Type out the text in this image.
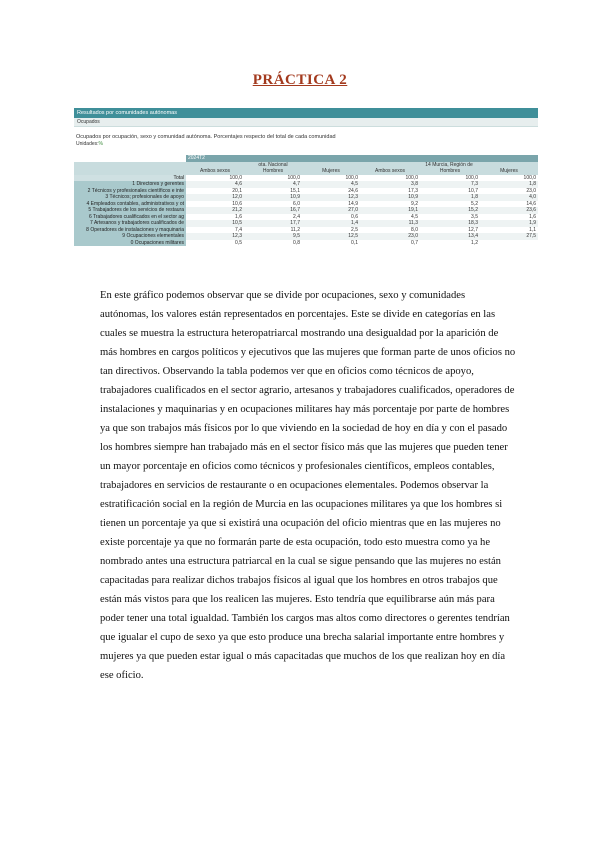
PRÁCTICA 2
Resultados por comunidades autónomas
Ocupados
Ocupados por ocupación, sexo y comunidad autónoma. Porcentajes respecto del total de cada comunidad
Unidades:%
	2024T2					
	ota. Nacional			14 Murcia, Región de		
	Ambos sexos	Hombres	Mujeres	Ambos sexos	Hombres	Mujeres
Total	100,0	100,0	100,0	100,0	100,0	100,0
1 Directores y gerentes	4,6	4,7	4,5	3,8	7,3	1,8
2 Técnicos y profesionales científicos e inte	20,1	15,1	24,6	17,3	10,7	23,0
3 Técnicos; profesionales de apoyo	12,0	10,9	12,3	10,9	1,8	4,0
4 Empleados contables, administrativos y ot	10,6	6,0	14,9	9,2	5,2	14,6
5 Trabajadores de los servicios de restaura	21,2	16,7	27,0	19,1	15,2	23,6
6 Trabajadores cualificados en el sector ag	1,6	2,4	0,6	4,5	3,5	1,6
7 Artesanos y trabajadores cualificados de	10,5	17,7	1,4	11,3	18,3	1,9
8 Operadores de instalaciones y maquinaria	7,4	11,2	2,5	8,0	12,7	1,1
9 Ocupaciones elementales	12,3	9,5	12,5	23,0	13,4	27,5
0 Ocupaciones militares	0,5	0,8	0,1	0,7	1,2	
En este gráfico podemos observar que se divide por ocupaciones, sexo y comunidades autónomas, los valores están representados en porcentajes. Este se divide en categorías en las cuales se muestra la estructura heteropatriarcal mostrando una desigualdad por la aparición de más hombres en cargos políticos y ejecutivos que las mujeres que forman parte de unos oficios no tan directivos. Observando la tabla podemos ver que en oficios como técnicos de apoyo, trabajadores cualificados en el sector agrario, artesanos y trabajadores cualificados, operadores de instalaciones y maquinarias y en ocupaciones militares hay más porcentaje por parte de hombres ya que son trabajos más físicos por lo que viviendo en la sociedad de hoy en día y con el pasado los hombres siempre han trabajado más en el sector físico más que las mujeres que pueden tener un mayor porcentaje en oficios como técnicos y profesionales científicos, empleos contables, trabajadores en servicios de restaurante o en ocupaciones elementales. Podemos observar la estratificación social en la región de Murcia en las ocupaciones militares ya que los hombres si tienen un porcentaje ya que si existirá una ocupación del oficio mientras que en las mujeres no existe porcentaje ya que no formarán parte de esta ocupación, todo esto muestra como ya he nombrado antes una estructura patriarcal en la cual se sigue pensando que las mujeres no están capacitadas para realizar dichos trabajos físicos al igual que los hombres en otros trabajos que están más vistos para que los realicen las mujeres. Esto tendría que equilibrarse aún más para poder tener una total igualdad. También los cargos mas altos como directores o gerentes tendrían que igualar el cupo de sexo ya que esto produce una brecha salarial importante entre hombres y mujeres ya que pueden estar igual o más capacitadas que muchos de los que realizan hoy en día ese oficio.
